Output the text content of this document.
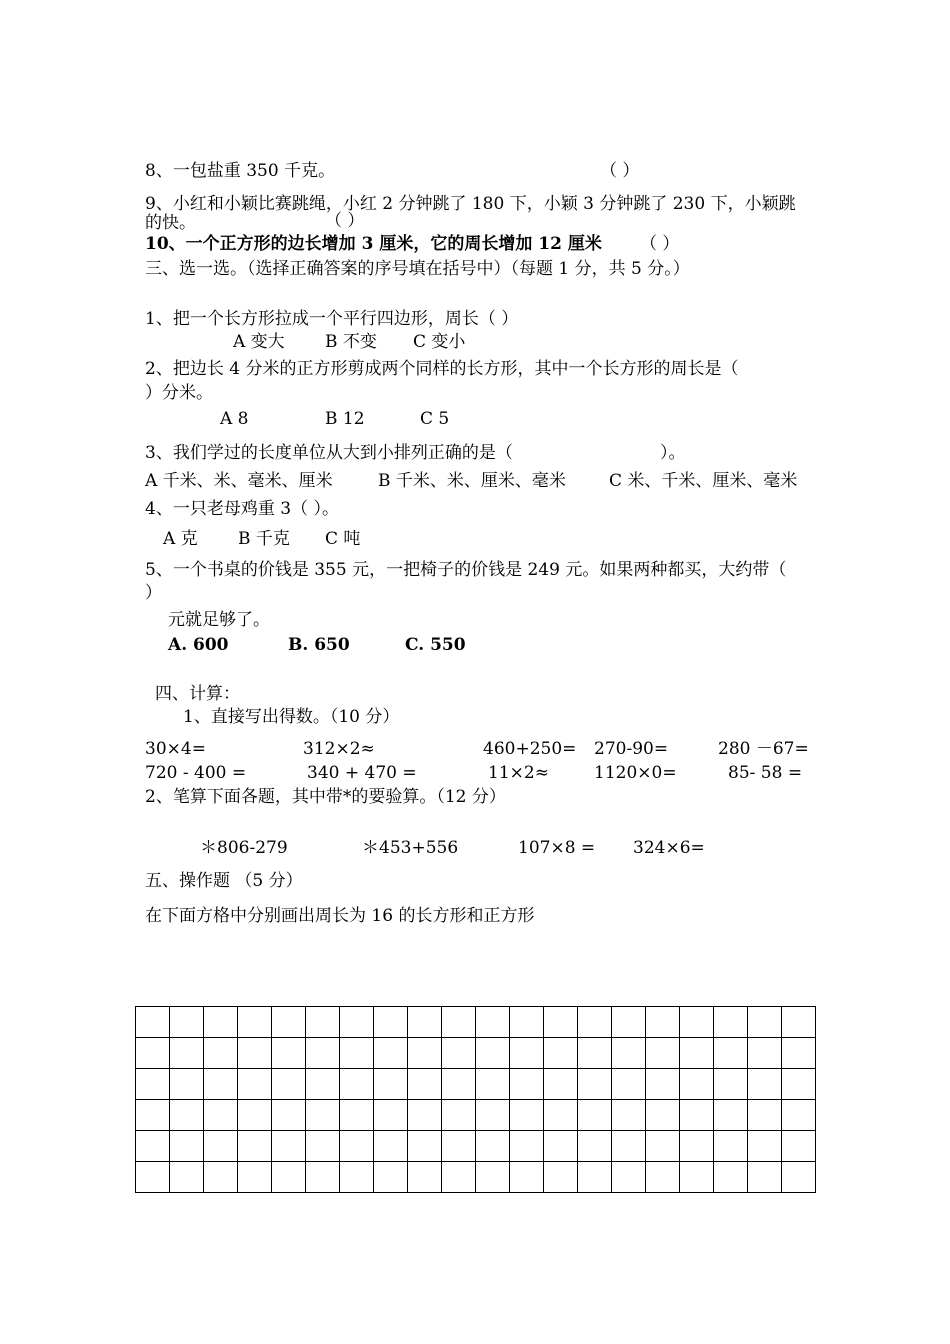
8、一包盐重 350 千克。	（ ）
9、小红和小颖比赛跳绳，小红 2 分钟跳了 180 下，小颖 3 分钟跳了 230 下，小颖跳
的快。	（ ）
10、一个正方形的边长增加 3 厘米，它的周长增加 12 厘米 （ ）
三、选一选。（选择正确答案的序号填在括号中）（每题 1 分，共 5 分。）
1、把一个长方形拉成一个平行四边形，周长（ ）
A 变大 B 不变 C 变小
2、把边长 4 分米的正方形剪成两个同样的长方形，其中一个长方形的周长是（
）分米。
A 8	B 12	C 5
3、我们学过的长度单位从大到小排列正确的是（	）。
A 千米、米、毫米、厘米	B 千米、米、厘米、毫米	C 米、千米、厘米、毫米
4、一只老母鸡重 3（ ）。
A 克 B 千克 C 吨
5、一个书桌的价钱是 355 元，一把椅子的价钱是 249 元。如果两种都买，大约带（
）
元就足够了。
A. 600	B. 650	C. 550
四、计算：
1、直接写出得数。（10 分）
30×4=	312×2≈	460+250= 270-90=	280 －67=
720 - 400 =	340 + 470 =	11×2≈	1120×0=	85- 58 =
2、笔算下面各题，其中带*的要验算。（12 分）
＊806-279	＊453+556	107×8 = 324×6=
五、操作题 （5 分）
在下面方格中分别画出周长为 16 的长方形和正方形
